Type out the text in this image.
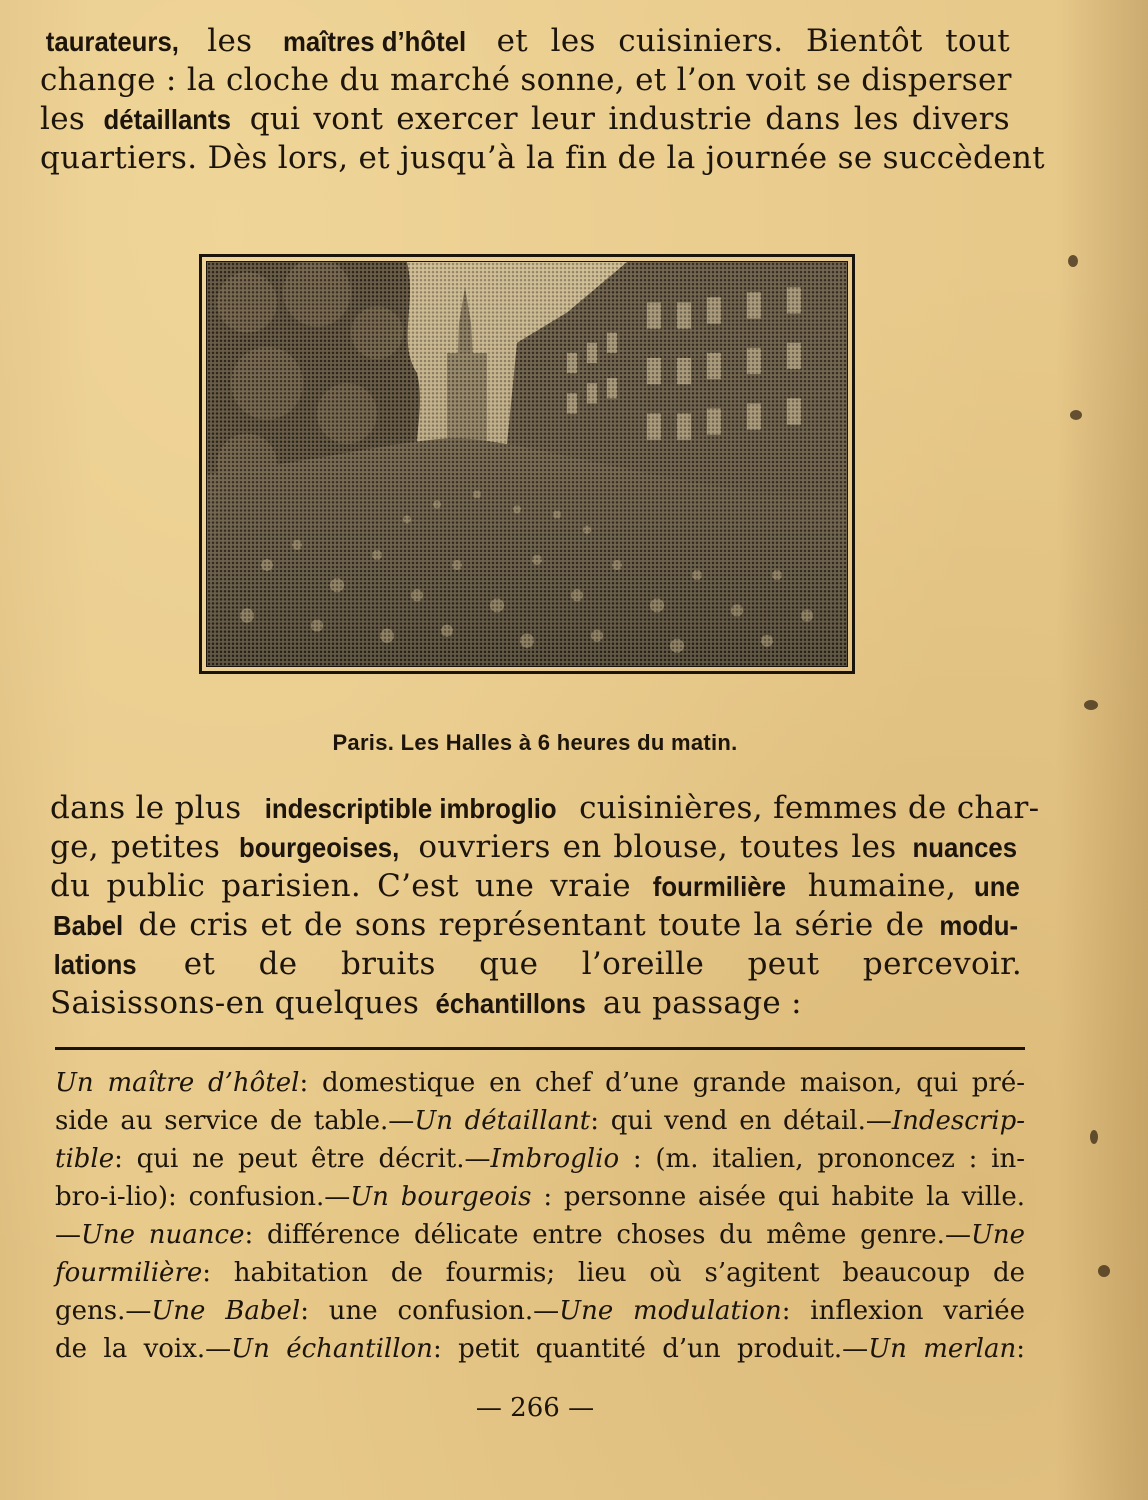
taurateurs, les maîtres d’hôtel et les cuisiniers. Bientôt tout
change : la cloche du marché sonne, et l’on voit se disperser
les détaillants qui vont exercer leur industrie dans les divers
quartiers. Dès lors, et jusqu’à la fin de la journée se succèdent
Paris. Les Halles à 6 heures du matin.
dans le plus indescriptible imbroglio cuisinières, femmes de char-
ge, petites bourgeoises, ouvriers en blouse, toutes les nuances
du public parisien. C’est une vraie fourmilière humaine, une
Babel de cris et de sons représentant toute la série de modu-
lations et de bruits que l’oreille peut percevoir.
Saisissons-en quelques échantillons au passage :
Un maître d’hôtel: domestique en chef d’une grande maison, qui pré-
side au service de table.—Un détaillant: qui vend en détail.—Indescrip-
tible: qui ne peut être décrit.—Imbroglio : (m. italien, prononcez : in-
bro-i-lio): confusion.—Un bourgeois : personne aisée qui habite la ville.
—Une nuance: différence délicate entre choses du même genre.—Une
fourmilière: habitation de fourmis; lieu où s’agitent beaucoup de
gens.—Une Babel: une confusion.—Une modulation: inflexion variée
de la voix.—Un échantillon: petit quantité d’un produit.—Un merlan:
— 266 —
